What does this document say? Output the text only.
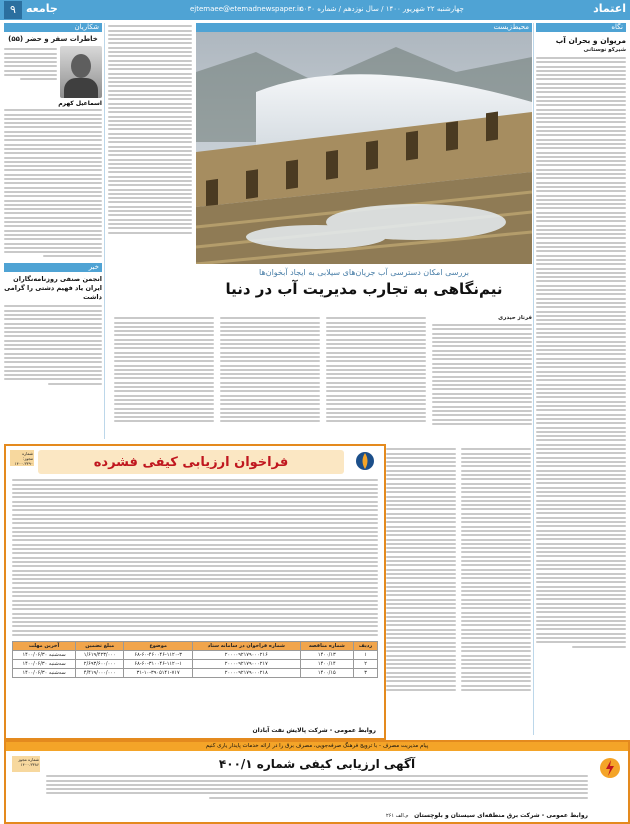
۹ جامعه	ejtemaee@etemadnewspaper.ir
چهارشنبه ۲۲ شهریور ۱۴۰۰ / سال نوزدهم / شماره ۵۰۳۰	اعتماد
شکاریان
خاطرات سفر و حضر (۵۵)
اسماعیل کهرم
خبر
انجمن صنفی روزنامه‌نگاران ایران یاد فهیم دشتی را گرامی داشت
محیط‌زیست	نگاه
مریوان و بحران آب
شیرکو نوستانی
بررسی امکان دسترسی آب جریان‌های سیلابی به ایجاد آبخوان‌ها
نیم‌نگاهی به تجارب مدیریت آب در دنیا
فرناز حیدری
شماره مجوز: ۱۴۰۰.۳۳۹۰	فراخوان ارزیابی کیفی فشرده
ردیف	شماره مناقصه	شماره فراخوان در سامانه ستاد	موضوع	مبلغ تضمین	آخرین مهلت
۱	۱۴۰۰/۱۳	۲۰۰۰۰۹۲۱۷۹۰۰۰۲۱۶	۶۸-۶۰-۴۶۰۰۴۶-۱۱۲۰-۳	۱/۶۱۹/۴۲۳/۰۰۰	سه‌شنبه ۱۴۰۰/۰۶/۳۰
۲	۱۴۰۰/۱۴	۲۰۰۰۰۹۲۱۷۹۰۰۰۲۱۷	۶۸-۶۰-۳۱۰۰۴۶-۱۱۲۰-۱	۲/۶۹۳/۶۰۰/۰۰۰	سه‌شنبه ۱۴۰۰/۰۶/۳۰
۳	۱۴۰۰/۱۵	۲۰۰۰۰۹۲۱۷۹۰۰۰۲۱۸	۳۱-۱۰-۳۹۰۵۱۴۱-۷۱۷	۴/۴۱۹/۰۰۰/۰۰۰	سه‌شنبه ۱۴۰۰/۰۶/۳۰
روابط عمومی - شرکت پالایش نفت آبادان
پیام مدیریت مصرف - با ترویج فرهنگ صرفه‌جویی، مصرف برق را در ارائه خدمات پایدار یاری کنیم
شماره مجوز ۱۴۰۰.۳۳۸۶	آگهی ارزیابی کیفی شماره ۴۰۰/۱
روابط عمومی - شرکت برق منطقه‌ای سیستان و بلوچستان
م.الف ۲۶۱
